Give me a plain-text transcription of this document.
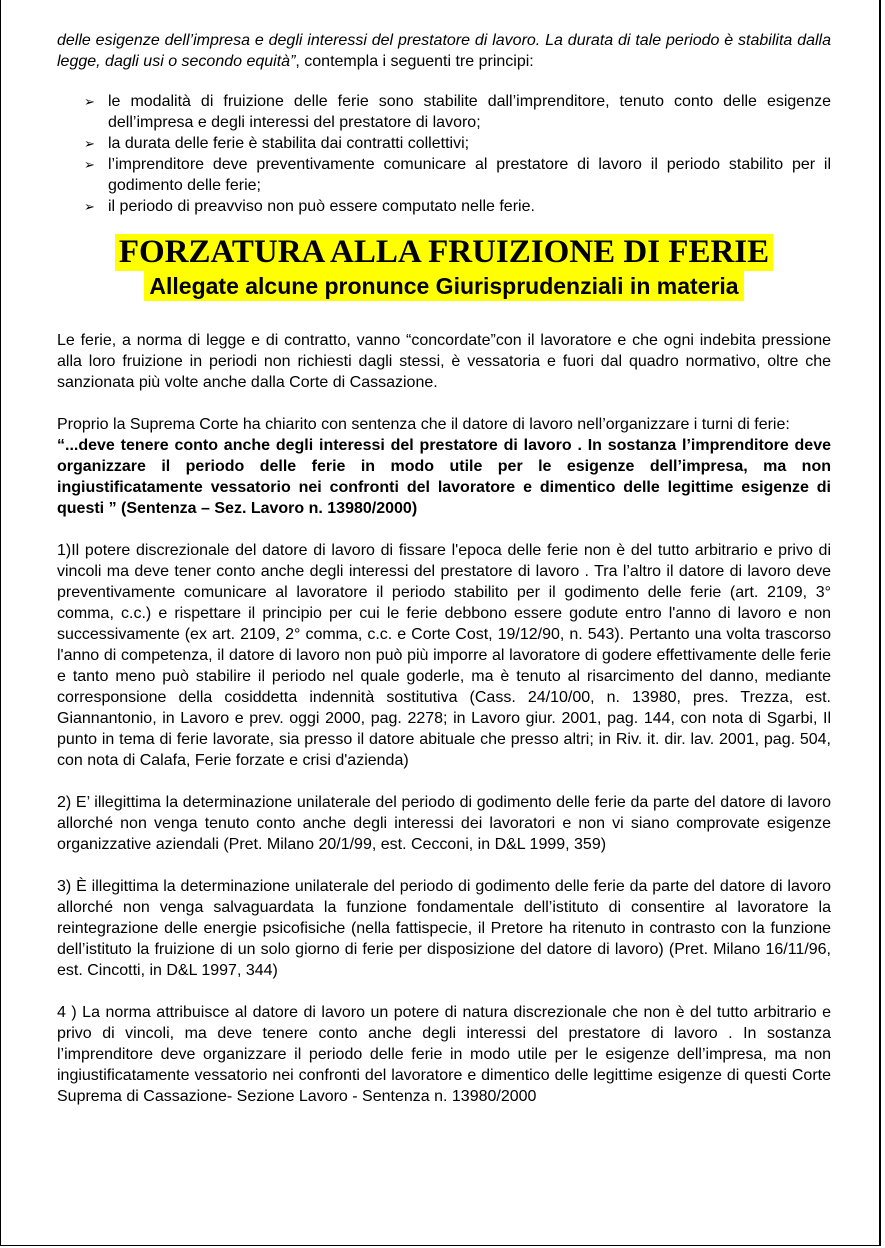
delle esigenze dell’impresa e degli interessi del prestatore di lavoro. La durata di tale periodo è stabilita dalla legge, dagli usi o secondo equità”, contempla i seguenti tre principi:

➢ le modalità di fruizione delle ferie sono stabilite dall’imprenditore, tenuto conto delle esigenze dell’impresa e degli interessi del prestatore di lavoro;
➢ la durata delle ferie è stabilita dai contratti collettivi;
➢ l’imprenditore deve preventivamente comunicare al prestatore di lavoro il periodo stabilito per il godimento delle ferie;
➢ il periodo di preavviso non può essere computato nelle ferie.
FORZATURA ALLA FRUIZIONE DI FERIE
Allegate alcune pronunce Giurisprudenziali in materia

Le ferie, a norma di legge e di contratto, vanno “concordate”con il lavoratore e che ogni indebita pressione alla loro fruizione in periodi non richiesti dagli stessi, è vessatoria e fuori dal quadro normativo, oltre che sanzionata più volte anche dalla Corte di Cassazione.

Proprio la Suprema Corte ha chiarito con sentenza che il datore di lavoro nell’organizzare i turni di ferie:

“...deve tenere conto anche degli interessi del prestatore di lavoro . In sostanza l’imprenditore deve organizzare il periodo delle ferie in modo utile per le esigenze dell’impresa, ma non ingiustificatamente vessatorio nei confronti del lavoratore e dimentico delle legittime esigenze di questi ” (Sentenza – Sez. Lavoro n. 13980/2000)

1)Il potere discrezionale del datore di lavoro di fissare l'epoca delle ferie non è del tutto arbitrario e privo di vincoli ma deve tener conto anche degli interessi del prestatore di lavoro . Tra l’altro il datore di lavoro deve preventivamente comunicare al lavoratore il periodo stabilito per il godimento delle ferie (art. 2109, 3° comma, c.c.) e rispettare il principio per cui le ferie debbono essere godute entro l'anno di lavoro e non successivamente (ex art. 2109, 2° comma, c.c. e Corte Cost, 19/12/90, n. 543). Pertanto una volta trascorso l'anno di competenza, il datore di lavoro non può più imporre al lavoratore di godere effettivamente delle ferie e tanto meno può stabilire il periodo nel quale goderle, ma è tenuto al risarcimento del danno, mediante corresponsione della cosiddetta indennità sostitutiva (Cass. 24/10/00, n. 13980, pres. Trezza, est. Giannantonio, in Lavoro e prev. oggi 2000, pag. 2278; in Lavoro giur. 2001, pag. 144, con nota di Sgarbi, Il punto in tema di ferie lavorate, sia presso il datore abituale che presso altri; in Riv. it. dir. lav. 2001, pag. 504, con nota di Calafa, Ferie forzate e crisi d'azienda)

2) E’ illegittima la determinazione unilaterale del periodo di godimento delle ferie da parte del datore di lavoro allorché non venga tenuto conto anche degli interessi dei lavoratori e non vi siano comprovate esigenze organizzative aziendali (Pret. Milano 20/1/99, est. Cecconi, in D&L 1999, 359)

3) È illegittima la determinazione unilaterale del periodo di godimento delle ferie da parte del datore di lavoro allorché non venga salvaguardata la funzione fondamentale dell’istituto di consentire al lavoratore la reintegrazione delle energie psicofisiche (nella fattispecie, il Pretore ha ritenuto in contrasto con la funzione dell’istituto la fruizione di un solo giorno di ferie per disposizione del datore di lavoro) (Pret. Milano 16/11/96, est. Cincotti, in D&L 1997, 344)

4 ) La norma attribuisce al datore di lavoro un potere di natura discrezionale che non è del tutto arbitrario e privo di vincoli, ma deve tenere conto anche degli interessi del prestatore di lavoro . In sostanza l’imprenditore deve organizzare il periodo delle ferie in modo utile per le esigenze dell’impresa, ma non ingiustificatamente vessatorio nei confronti del lavoratore e dimentico delle legittime esigenze di questi Corte Suprema di Cassazione- Sezione Lavoro - Sentenza n. 13980/2000
